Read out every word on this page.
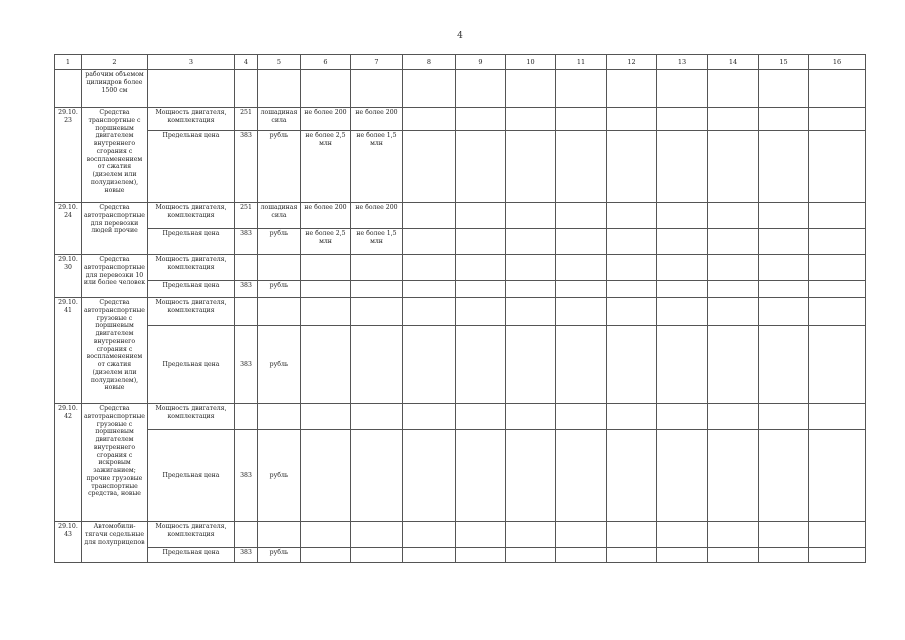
4
1	2	3	4	5	6	7	8	9	10	11	12	13	14	15	16
	рабочим объемом цилиндров более 1500 см														
29.10. 23	Средства транспортные с поршневым двигателем внутреннего сгорания с воспламенением от сжатия (дизелем или полудизелем), новые	Мощность двигателя, комплектация	251	лошадиная сила	не более 200	не более 200									
		Предельная цена	383	рубль	не более 2,5 млн	не более 1,5 млн									
29.10. 24	Средства автотранспортные для перевозки людей прочие	Мощность двигателя, комплектация	251	лошадиная сила	не более 200	не более 200									
		Предельная цена	383	рубль	не более 2,5 млн	не более 1,5 млн									
29.10. 30	Средства автотранспортные для перевозки 10 или более человек	Мощность двигателя, комплектация													
		Предельная цена	383	рубль											
29.10. 41	Средства автотранспортные грузовые с поршневым двигателем внутреннего сгорания с воспламенением от сжатия (дизелем или полудизелем), новые	Мощность двигателя, комплектация													
		Предельная цена	383	рубль											
29.10. 42	Средства автотранспортные грузовые с поршневым двигателем внутреннего сгорания с искровым зажиганием; прочие грузовые транспортные средства, новые	Мощность двигателя, комплектация													
		Предельная цена	383	рубль											
29.10. 43	Автомобили-тягачи седельные для полуприцепов	Мощность двигателя, комплектация													
		Предельная цена	383	рубль											
